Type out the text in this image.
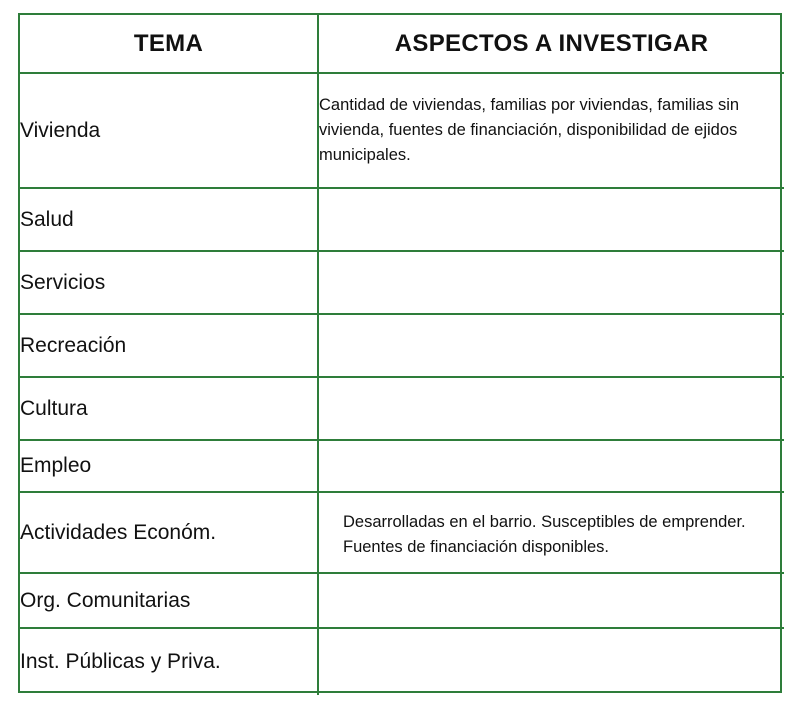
TEMA	ASPECTOS A INVESTIGAR
Vivienda	Cantidad de viviendas, familias por viviendas, familias sin vivienda, fuentes de financiación, disponibilidad de ejidos municipales.
Salud	
Servicios	
Recreación	
Cultura	
Empleo	
Actividades Económ.	Desarrolladas en el barrio. Susceptibles de emprender. Fuentes de financiación disponibles.
Org. Comunitarias	
Inst. Públicas y Priva.	
